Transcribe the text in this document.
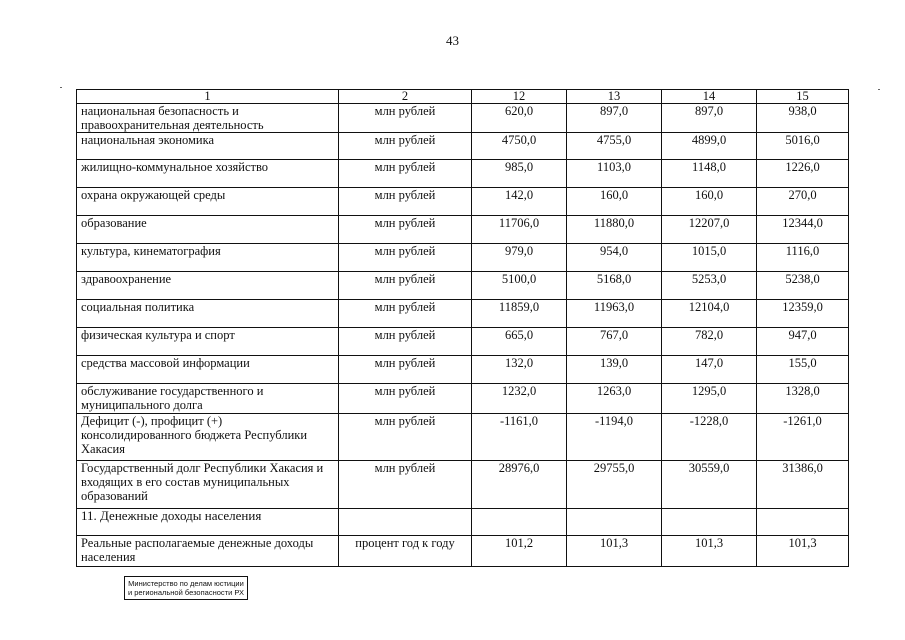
43
1	2	12	13	14	15
национальная безопасность и правоохранительная деятельность	млн рублей	620,0	897,0	897,0	938,0
национальная экономика	млн рублей	4750,0	4755,0	4899,0	5016,0
жилищно-коммунальное хозяйство	млн рублей	985,0	1103,0	1148,0	1226,0
охрана окружающей среды	млн рублей	142,0	160,0	160,0	270,0
образование	млн рублей	11706,0	11880,0	12207,0	12344,0
культура, кинематография	млн рублей	979,0	954,0	1015,0	1116,0
здравоохранение	млн рублей	5100,0	5168,0	5253,0	5238,0
социальная политика	млн рублей	11859,0	11963,0	12104,0	12359,0
физическая культура и спорт	млн рублей	665,0	767,0	782,0	947,0
средства массовой информации	млн рублей	132,0	139,0	147,0	155,0
обслуживание государственного и муниципального долга	млн рублей	1232,0	1263,0	1295,0	1328,0
Дефицит (-), профицит (+) консолидированного бюджета Республики Хакасия	млн рублей	-1161,0	-1194,0	-1228,0	-1261,0
Государственный долг Республики Хакасия и входящих в его состав муниципальных образований	млн рублей	28976,0	29755,0	30559,0	31386,0
11. Денежные доходы населения					
Реальные располагаемые денежные доходы населения	процент год к году	101,2	101,3	101,3	101,3
Министерство по делам юстиции и региональной безопасности РХ
